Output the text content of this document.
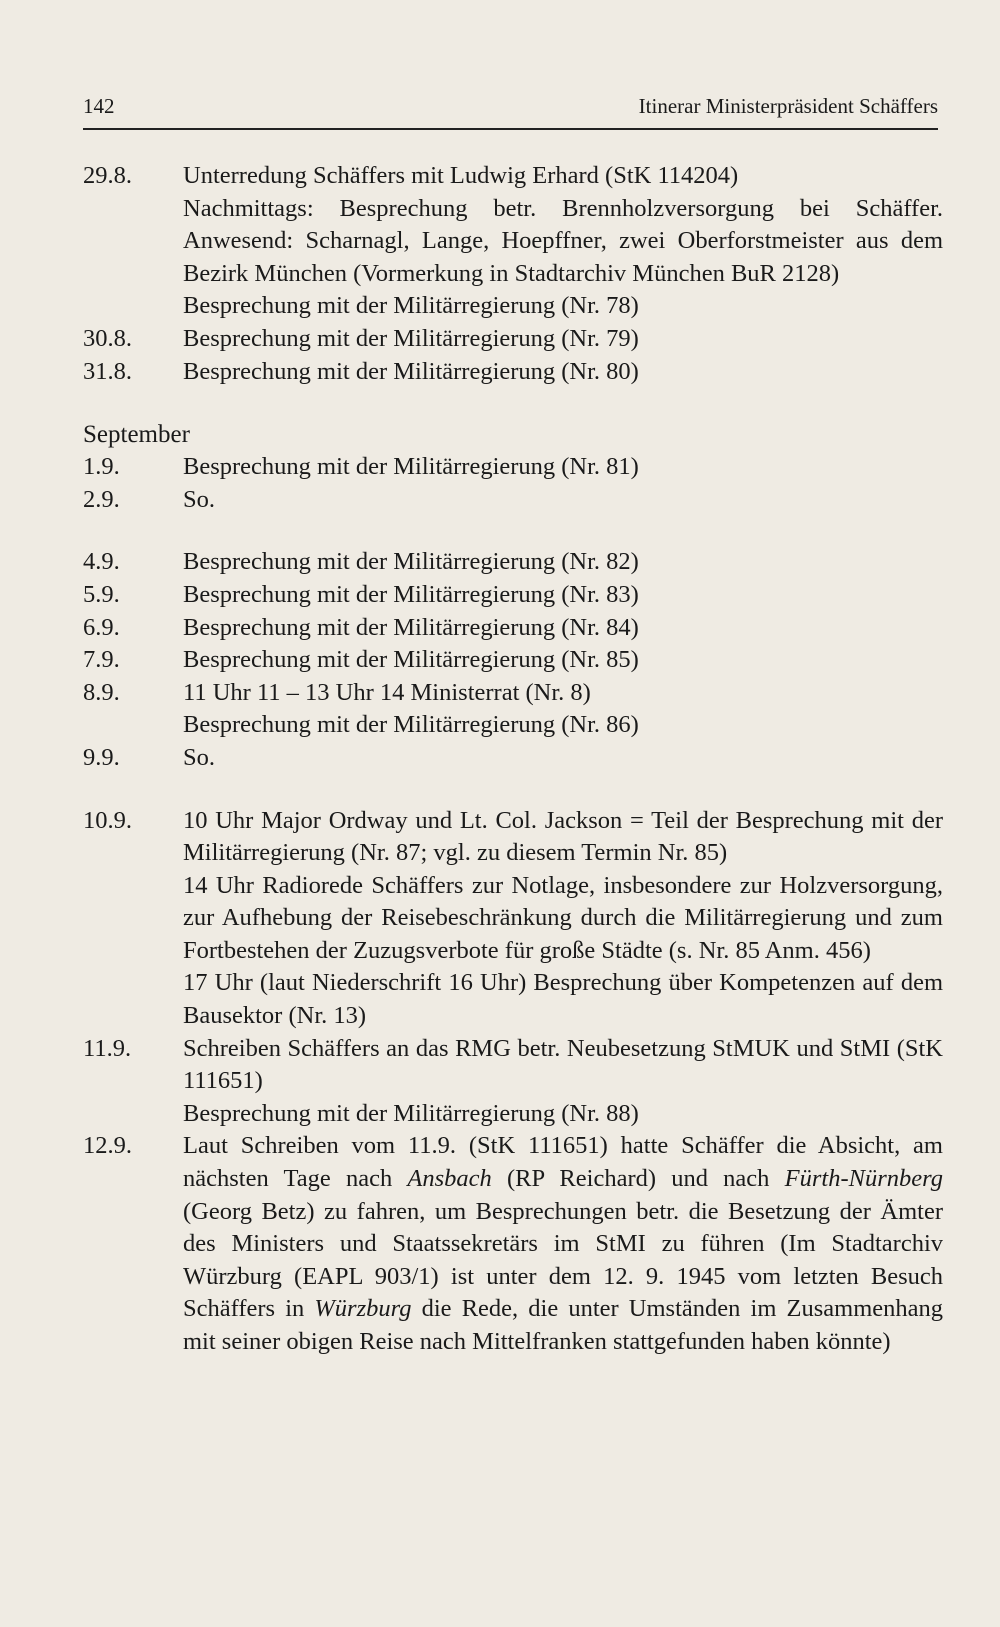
142	Itinerar Ministerpräsident Schäffers
29.8.	Unterredung Schäffers mit Ludwig Erhard (StK 114204)

Nachmittags: Besprechung betr. Brennholzversorgung bei Schäffer. Anwesend: Scharnagl, Lange, Hoepffner, zwei Oberforstmeister aus dem Bezirk München (Vormerkung in Stadtarchiv München BuR 2128)

Besprechung mit der Militärregierung (Nr. 78)

30.8.	Besprechung mit der Militärregierung (Nr. 79)

31.8.	Besprechung mit der Militärregierung (Nr. 80)

September

1.9.	Besprechung mit der Militärregierung (Nr. 81)

2.9.	So.

4.9.	Besprechung mit der Militärregierung (Nr. 82)

5.9.	Besprechung mit der Militärregierung (Nr. 83)

6.9.	Besprechung mit der Militärregierung (Nr. 84)

7.9.	Besprechung mit der Militärregierung (Nr. 85)

8.9.	11 Uhr 11 – 13 Uhr 14 Ministerrat (Nr. 8)

Besprechung mit der Militärregierung (Nr. 86)

9.9.	So.

10.9.	10 Uhr Major Ordway und Lt. Col. Jackson = Teil der Besprechung mit der Militärregierung (Nr. 87; vgl. zu diesem Termin Nr. 85)

14 Uhr Radiorede Schäffers zur Notlage, insbesondere zur Holzversorgung, zur Aufhebung der Reisebeschränkung durch die Militärregierung und zum Fortbestehen der Zuzugsverbote für große Städte (s. Nr. 85 Anm. 456)

17 Uhr (laut Niederschrift 16 Uhr) Besprechung über Kompetenzen auf dem Bausektor (Nr. 13)

11.9.	Schreiben Schäffers an das RMG betr. Neubesetzung StMUK und StMI (StK 111651)

Besprechung mit der Militärregierung (Nr. 88)

12.9.	Laut Schreiben vom 11.9. (StK 111651) hatte Schäffer die Absicht, am nächsten Tage nach Ansbach (RP Reichard) und nach Fürth-Nürnberg (Georg Betz) zu fahren, um Besprechungen betr. die Besetzung der Ämter des Ministers und Staatssekretärs im StMI zu führen (Im Stadtarchiv Würzburg (EAPL 903/1) ist unter dem 12. 9. 1945 vom letzten Besuch Schäffers in Würzburg die Rede, die unter Umständen im Zusammenhang mit seiner obigen Reise nach Mittelfranken stattgefunden haben könnte)
